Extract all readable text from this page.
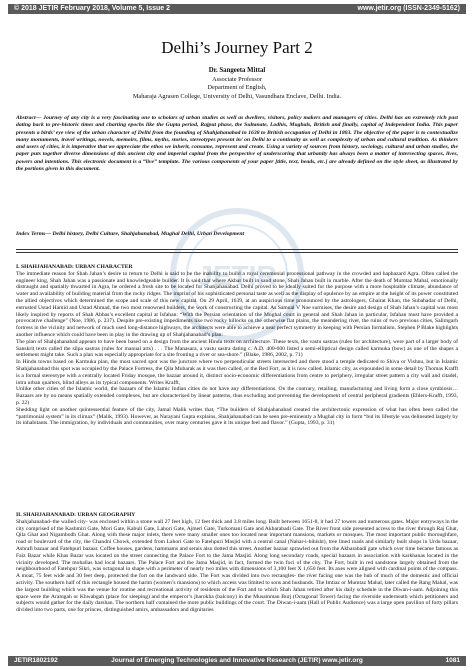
© 2018 JETIR February 2018, Volume 5, Issue 2	www.jetir.org (ISSN-2349-5162)
Delhi’s Journey Part 2
Dr. Sangeeta Mittal
Associate Professor
Department of English,
Maharaja Agrasen College, University of Delhi, Vasundhara Enclave, Delhi. India.
Abstract— Journey of any city is a very fascinating one to scholars of urban studies as well as dwellers, visitors, policy makers and managers of cities. Delhi has an extremely rich past dating back to pre-historic times and charting epochs like the Gupta period, Rajput phase, the Sultanate, Lodhis, Mughals, British and finally, capital of Independent India. This paper presents a birds’ eye view of the urban character of Delhi from the founding of Shahjahanabad in 1638 to British occupation of Delhi in 1803. The objective of the paper is to contextualize many monuments, travel writings, novels, memoirs, films, myths, stories, stereotypes present in/ on Delhi to a continuity as well as complexity of urban and cultural tradition. As thinkers and users of cities, it is imperative that we appreciate the ethos we inherit, consume, represent and create. Using a variety of sources from history, sociology, cultural and urban studies, the paper puts together diverse dimensions of this ancient city and imperial capital from the perspective of underscoring that urbanity has always been a matter of intersecting spaces, lives, powers and intentions. This electronic document is a “live” template. The various components of your paper [title, text, heads, etc.] are already defined on the style sheet, as illustrated by the portions given in this document.
Index Terms— Delhi history, Delhi Culture, Shahjahanabad, Mughal Delhi, Urban Development
JETIR
I. SHAHJAHANABAD: URBAN CHARACTER

The immediate reason for Shah Jahan’s desire to return to Delhi is said to be the inability to build a royal ceremonial processional pathway in the crowded and haphazard Agra. Often called the engineer king, Shah Jahan was a passionate and knowledgeable builder. It is said that where Akbar built in sand stone, Shah Jahan built in marble. After the death of Mumtaz Mahal, emotionally distraught and spatially thwarted in Agra, he ordered a fresh site to be located for Shahjahanabad. Delhi proved to be ideally suited for the purpose with a more hospitable climate, abundance of water and availability of building material from the rocky ridges. The imprint of his sophisticated personal taste as well as the display of opulence by an empire at the height of its power constituted the allied objectives which determined the scope and scale of this new capital. On 29 April, 1639, at an auspicious time pronounced by the astrologers, Ghairat Khan, the Subahadar of Delhi, entrusted Ustad Hamid and Ustad Ahmad, the two most renowned builders, the work of constructing the capital. As Samual V Noe surmises, the desire and design of Shah Jahan’s capital was most likely inspired by reports of Shah Abbas’s excellent capital at Isfahan: “With the Persian orientation of the Mughal court in general and Shah Jahan in particular, Isfahan must have provided a provocative challenge” (Noe, 1986, p. 237). Despite pre-existing impediments like two rocky hillocks on the otherwise flat plains, the meandering river, the ruins of two previous cities, Salimgarh fortress in the vicinity and network of much used long-distance highways, the architects were able to achieve a near perfect symmetry in keeping with Persian formalism. Stephen P Blake highlights another influence which could have been in play in the drawing up of Shahjahanabad’s plan:

The plan of Shahjahanabad appears to have been based on a design from the ancient Hindu texts on architecture. These texts, the vastu sastras (rules for architecture), were part of a larger body of Sanskrit texts called the silpa sastras (rules for manual arts) . . . The Manasara, a vastu sastra dating c. A.D. 400-600 listed a semi-elliptical design called karmuka (bow) as one of the shapes a settlement might take. Such a plan was especially appropriate for a site fronting a river or sea-shore.” (Blake, 1986, 2002, p. 71)

In Hindu towns based on Karmuka plan, the most sacred spot was the juncture where two perpendicular streets intersected and there stood a temple dedicated to Shiva or Vishnu, but in Islamic Shahjahanabad this spot was occupied by the Palace Fortress, the Qila Mubarak as it was then called, or the Red Fort, as it is now called. Islamic city, as expounded in some detail by Thomas Krafft is a formal stereotype with a centrally located Friday mosque, the bazaar around it, distinct socio-economic differentiations from centre to periphery, irregular street pattern a city wall and citadel, intra urban quarters, blind alleys as its typical components. Writes Krafft,

Unlike other cities of the Islamic world, the bazaars of the Islamic Indian cities do not have any differentiations. On the contrary, retailing, manufacturing and living form a close symbiosis…Bazaars are by no means spatially extended complexes, but are characterised by linear patterns, thus excluding and preventing the development of central peripheral gradients (Ehlers-Krafft, 1993, p. 22)

Shedding light on another quintessential feature of the city, Jamal Malik writes that, “The builders of Shahjahanabad created the architectonic expression of what has often been called the “patrimonial system” in its climax” (Malik, 1993). However, as Narayani Gupta explains, Shahjahanabad can be seen pre-eminently a Mughal city in form “but its lifestyle was delineated largely by its inhabitants. The immigration, by individuals and communities, over many centuries gave it its unique feel and flavor.” (Gupta, 1993, p. 31)

II. SHAHJAHANABAD: URBAN GEOGRAPHY

Shahjahanabad–the walled city- was enclosed within a stone wall 27 feet high, 12 feet thick and 3.8 miles long. Built between 1651-8, it had 27 towers and numerous gates. Major entryways in the city comprised of the Kashmiri Gate, Mori Gate, Kabuli Gate, Lahori Gate, Ajmeri Gate, Turkomani Gate and Akbarabadi Gate. The River front side presented access to the river through Raj Ghat, Qila Ghat and Nigambodh Ghat. Along with these major inlets, there were many smaller ones too located near important mansions, markets or mosques. The most important public thoroughfare, road or boulevard of the city, the Chandni Chowk, extended from Lahori Gate to Fatehpuri Masjid with a central canal (Nahar-i-bihisht), tree lined roads and similarly built shops in Urdu bazaar, Ashrafi bazaar and Fatehpuri bazaar. Coffee houses, gardens, hammams and serais also dotted this street. Another bazaar sprawled out from the Akbarabadi gate which over time became famous as Faiz Bazar while Khas Bazar was located on the street connecting the Palace Fort to the Jama Masjid. Along long secondary roads, special bazaars in association with karkhanas located in the vicinity developed. The mohallas had local bazaars. The Palace Fort and the Jama Masjid, in fact, formed the twin foci of the city. The Fort, built in red sandstone largely obtained from the neighbourhood of Fatehpur Sikri, was octagonal in shape with a perimeter of nearly two miles with dimensions of 3,100 feet X 1,650 feet. Its axes were aligned with cardinal points of the compass. A moat, 75 feet wide and 30 feet deep, protected the fort on the landward side. The Fort was divided into two rectangles- the river facing one was the hub of much of the domestic and official activity. The southern half of this rectangle housed the harim (women’s mansions) to which access was limited to sons and husbands. The Imtiaz or Mumtaz Mahal, later called the Rang Mahal, was the largest building which was the venue for routine and recreational activity of residents of the Fort and to which Shah Jahan retired after his daily schedule in the Diwan-i-aam. Adjoining this space were the Aramgah or Khwabgah (place for sleeping) and the emperor’s jharokha (balcony) in the Musamman Burj (Octagonal Tower) facing the riverside underneath which petitioners and subjects would gather for the daily darshan. The northern half contained the more public buildings of the court. The Diwan-i-aam (Hall of Public Audience) was a large open pavilion of forty pillars divided into two parts, one for princes, distinguished amirs, ambassadors and dignitaries

JETIR1802192	Journal of Emerging Technologies and Innovative Research (JETIR) www.jetir.org	1081
